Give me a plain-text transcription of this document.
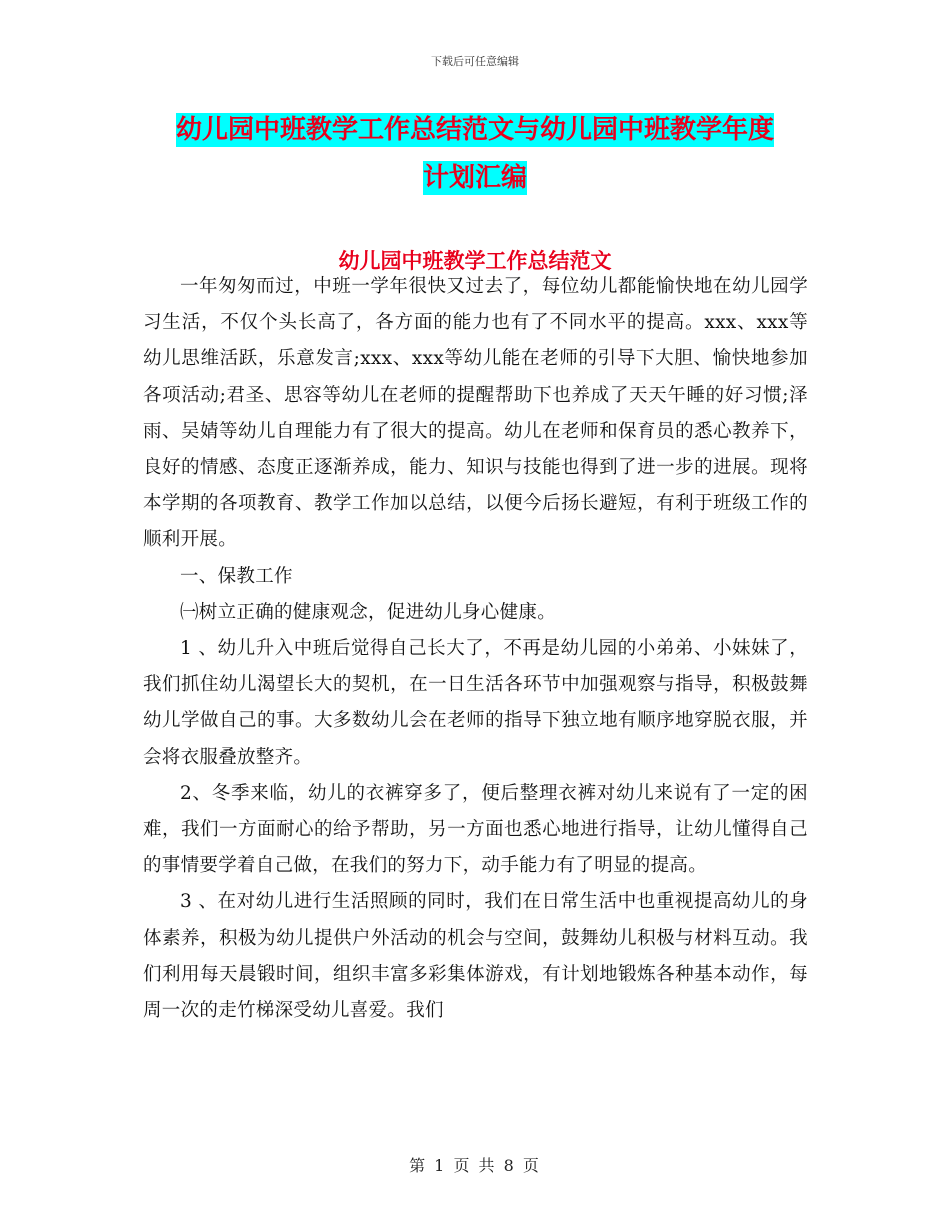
下载后可任意编辑
幼儿园中班教学工作总结范文与幼儿园中班教学年度
计划汇编
幼儿园中班教学工作总结范文

一年匆匆而过，中班一学年很快又过去了，每位幼儿都能愉快地在幼儿园学习生活，不仅个头长高了，各方面的能力也有了不同水平的提高。xxx、xxx等幼儿思维活跃，乐意发言;xxx、xxx等幼儿能在老师的引导下大胆、愉快地参加各项活动;君圣、思容等幼儿在老师的提醒帮助下也养成了天天午睡的好习惯;泽雨、吴婧等幼儿自理能力有了很大的提高。幼儿在老师和保育员的悉心教养下，良好的情感、态度正逐渐养成，能力、知识与技能也得到了进一步的进展。现将本学期的各项教育、教学工作加以总结，以便今后扬长避短，有利于班级工作的顺利开展。

一、保教工作

㈠树立正确的健康观念，促进幼儿身心健康。

1 、幼儿升入中班后觉得自己长大了，不再是幼儿园的小弟弟、小妹妹了，我们抓住幼儿渴望长大的契机，在一日生活各环节中加强观察与指导，积极鼓舞幼儿学做自己的事。大多数幼儿会在老师的指导下独立地有顺序地穿脱衣服，并会将衣服叠放整齐。

2、冬季来临，幼儿的衣裤穿多了，便后整理衣裤对幼儿来说有了一定的困难，我们一方面耐心的给予帮助，另一方面也悉心地进行指导，让幼儿懂得自己的事情要学着自己做，在我们的努力下，动手能力有了明显的提高。

3 、在对幼儿进行生活照顾的同时，我们在日常生活中也重视提高幼儿的身体素养，积极为幼儿提供户外活动的机会与空间，鼓舞幼儿积极与材料互动。我们利用每天晨锻时间，组织丰富多彩集体游戏，有计划地锻炼各种基本动作，每周一次的走竹梯深受幼儿喜爱。我们

第 1 页 共 8 页
